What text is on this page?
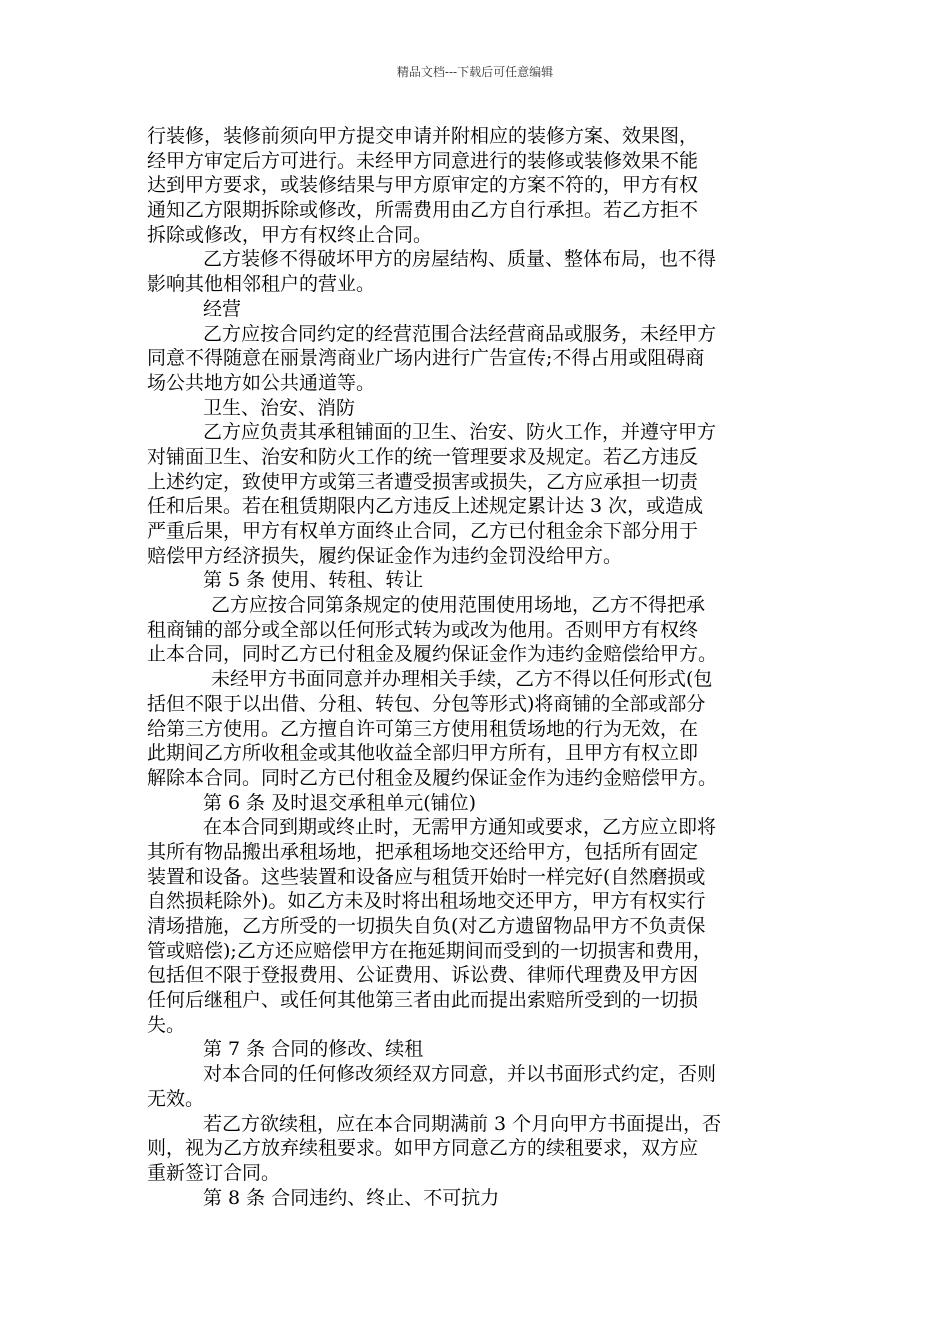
精品文档---下载后可任意编辑
行装修，装修前须向甲方提交申请并附相应的装修方案、效果图，
经甲方审定后方可进行。未经甲方同意进行的装修或装修效果不能
达到甲方要求，或装修结果与甲方原审定的方案不符的，甲方有权
通知乙方限期拆除或修改，所需费用由乙方自行承担。若乙方拒不
拆除或修改，甲方有权终止合同。
乙方装修不得破坏甲方的房屋结构、质量、整体布局，也不得
影响其他相邻租户的营业。
经营
乙方应按合同约定的经营范围合法经营商品或服务，未经甲方
同意不得随意在丽景湾商业广场内进行广告宣传;不得占用或阻碍商
场公共地方如公共通道等。
卫生、治安、消防
乙方应负责其承租铺面的卫生、治安、防火工作，并遵守甲方
对铺面卫生、治安和防火工作的统一管理要求及规定。若乙方违反
上述约定，致使甲方或第三者遭受损害或损失，乙方应承担一切责
任和后果。若在租赁期限内乙方违反上述规定累计达 3 次，或造成
严重后果，甲方有权单方面终止合同，乙方已付租金余下部分用于
赔偿甲方经济损失，履约保证金作为违约金罚没给甲方。
第 5 条 使用、转租、转让
乙方应按合同第条规定的使用范围使用场地，乙方不得把承
租商铺的部分或全部以任何形式转为或改为他用。否则甲方有权终
止本合同，同时乙方已付租金及履约保证金作为违约金赔偿给甲方。
未经甲方书面同意并办理相关手续，乙方不得以任何形式(包
括但不限于以出借、分租、转包、分包等形式)将商铺的全部或部分
给第三方使用。乙方擅自许可第三方使用租赁场地的行为无效，在
此期间乙方所收租金或其他收益全部归甲方所有，且甲方有权立即
解除本合同。同时乙方已付租金及履约保证金作为违约金赔偿甲方。
第 6 条 及时退交承租单元(铺位)
在本合同到期或终止时，无需甲方通知或要求，乙方应立即将
其所有物品搬出承租场地，把承租场地交还给甲方，包括所有固定
装置和设备。这些装置和设备应与租赁开始时一样完好(自然磨损或
自然损耗除外)。如乙方未及时将出租场地交还甲方，甲方有权实行
清场措施，乙方所受的一切损失自负(对乙方遗留物品甲方不负责保
管或赔偿);乙方还应赔偿甲方在拖延期间而受到的一切损害和费用，
包括但不限于登报费用、公证费用、诉讼费、律师代理费及甲方因
任何后继租户、或任何其他第三者由此而提出索赔所受到的一切损
失。
第 7 条 合同的修改、续租
对本合同的任何修改须经双方同意，并以书面形式约定，否则
无效。
若乙方欲续租，应在本合同期满前 3 个月向甲方书面提出，否
则，视为乙方放弃续租要求。如甲方同意乙方的续租要求，双方应
重新签订合同。
第 8 条 合同违约、终止、不可抗力
